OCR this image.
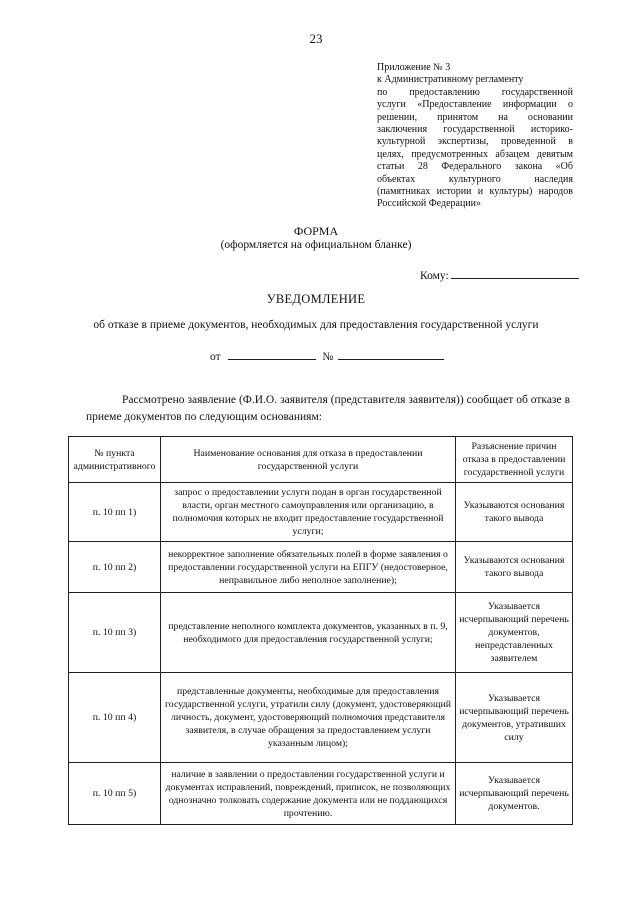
23
Приложение № 3
к Административному регламенту
по предоставлению государственной
услуги «Предоставление информации о
решении, принятом на основании
заключения государственной историко-
культурной экспертизы, проведенной в
целях, предусмотренных абзацем девятым
статьи 28 Федерального закона «Об
объектах культурного наследия
(памятниках истории и культуры) народов
Российской Федерации»
ФОРМА
(оформляется на официальном бланке)
Кому:
УВЕДОМЛЕНИЕ
об отказе в приеме документов, необходимых для предоставления государственной услуги
от	№
Рассмотрено заявление (Ф.И.О. заявителя (представителя заявителя)) сообщает об отказе в приеме документов по следующим основаниям:
№ пункта административного	Наименование основания для отказа в предоставлении государственной услуги	Разъяснение причин отказа в предоставлении государственной услуги
п. 10 пп 1)	запрос о предоставлении услуги подан в орган государственной власти, орган местного самоуправления или организацию, в полномочия которых не входит предоставление государственной услуги;	Указываются основания такого вывода
п. 10 пп 2)	некорректное заполнение обязательных полей в форме заявления о предоставлении государственной услуги на ЕПГУ (недостоверное, неправильное либо неполное заполнение);	Указываются основания такого вывода
п. 10 пп 3)	представление неполного комплекта документов, указанных в п. 9, необходимого для предоставления государственной услуги;	Указывается исчерпывающий перечень документов, непредставленных заявителем
п. 10 пп 4)	представленные документы, необходимые для предоставления государственной услуги, утратили силу (документ, удостоверяющий личность, документ, удостоверяющий полномочия представителя заявителя, в случае обращения за предоставлением услуги указанным лицом);	Указывается исчерпывающий перечень документов, утративших силу
п. 10 пп 5)	наличие в заявлении о предоставлении государственной услуги и документах исправлений, повреждений, приписок, не позволяющих однозначно толковать содержание документа или не поддающихся прочтению.	Указывается исчерпывающий перечень документов.
